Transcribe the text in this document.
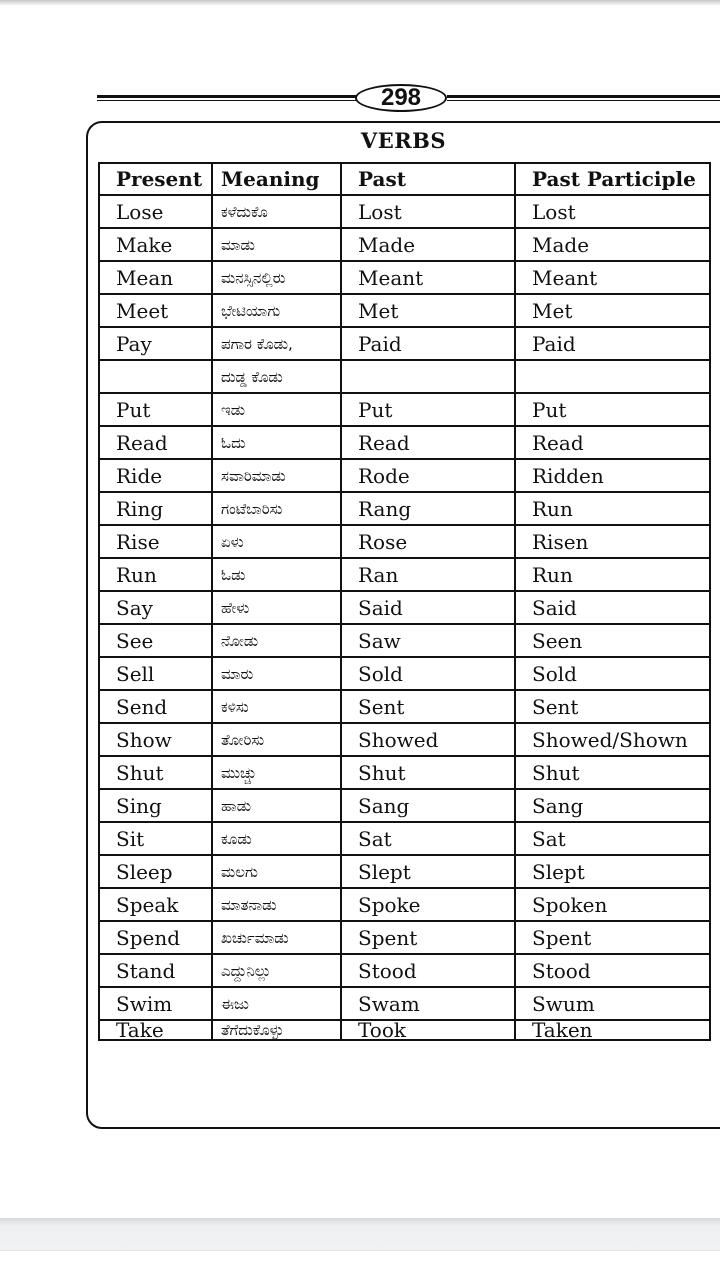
298
VERBS
Present	Meaning	Past	Past Participle
Lose	ಕಳೆದುಕೊ	Lost	Lost
Make	ಮಾಡು	Made	Made
Mean	ಮನಸ್ಸಿನಲ್ಲಿರು	Meant	Meant
Meet	ಭೇಟಿಯಾಗು	Met	Met
Pay	ಪಗಾರ ಕೊಡು,	Paid	Paid
	ದುಡ್ಡ ಕೊಡು		
Put	ಇಡು	Put	Put
Read	ಓದು	Read	Read
Ride	ಸವಾರಿಮಾಡು	Rode	Ridden
Ring	ಗಂಟೆಬಾರಿಸು	Rang	Run
Rise	ಏಳು	Rose	Risen
Run	ಓಡು	Ran	Run
Say	ಹೇಳು	Said	Said
See	ನೋಡು	Saw	Seen
Sell	ಮಾರು	Sold	Sold
Send	ಕಳಿಸು	Sent	Sent
Show	ತೋರಿಸು	Showed	Showed/Shown
Shut	ಮುಚ್ಚು	Shut	Shut
Sing	ಹಾಡು	Sang	Sang
Sit	ಕೂಡು	Sat	Sat
Sleep	ಮಲಗು	Slept	Slept
Speak	ಮಾತನಾಡು	Spoke	Spoken
Spend	ಖರ್ಚುಮಾಡು	Spent	Spent
Stand	ಎದ್ದುನಿಲ್ಲು	Stood	Stood
Swim	ಈಜು	Swam	Swum
Take	ತೆಗೆದುಕೊಳ್ಳು	Took	Taken
